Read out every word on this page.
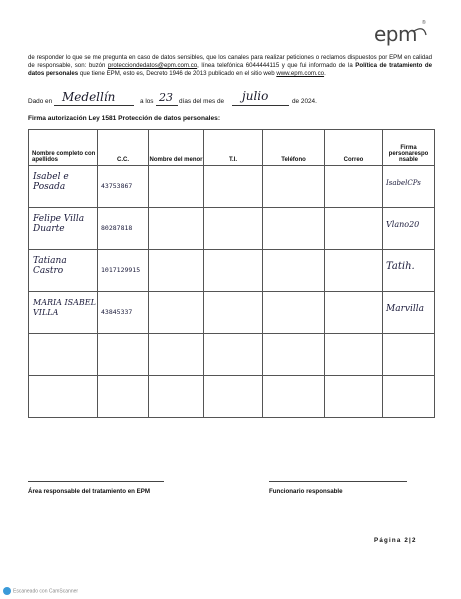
epm ®
de responder lo que se me pregunta en caso de datos sensibles, que los canales para realizar peticiones o reclamos dispuestos por EPM en calidad de responsable, son: buzón protecciondedatos@epm.com.co, línea telefónica 6044444115 y que fui informado de la Política de tratamiento de datos personales que tiene EPM, esto es, Decreto 1946 de 2013 publicado en el sitio web www.epm.com.co.
Dado en Medellín	a los 23 días del mes de julio	de 2024.
Firma autorización Ley 1581 Protección de datos personales:
Nombre completo con apellidos	C.C.	Nombre del menor	T.I.	Teléfono	Correo	Firma personarespo nsable

Isabel e Posada	43753867					IsabelCPs

Felipe Villa Duarte	80287818					Vlano20

Tatiana Castro	1017129915					Tatih.

MARIA ISABEL VILLA	43845337					Marvilla

Área responsable del tratamiento en EPM	Funcionario responsable
Página 2|2
Escaneado con CamScanner
